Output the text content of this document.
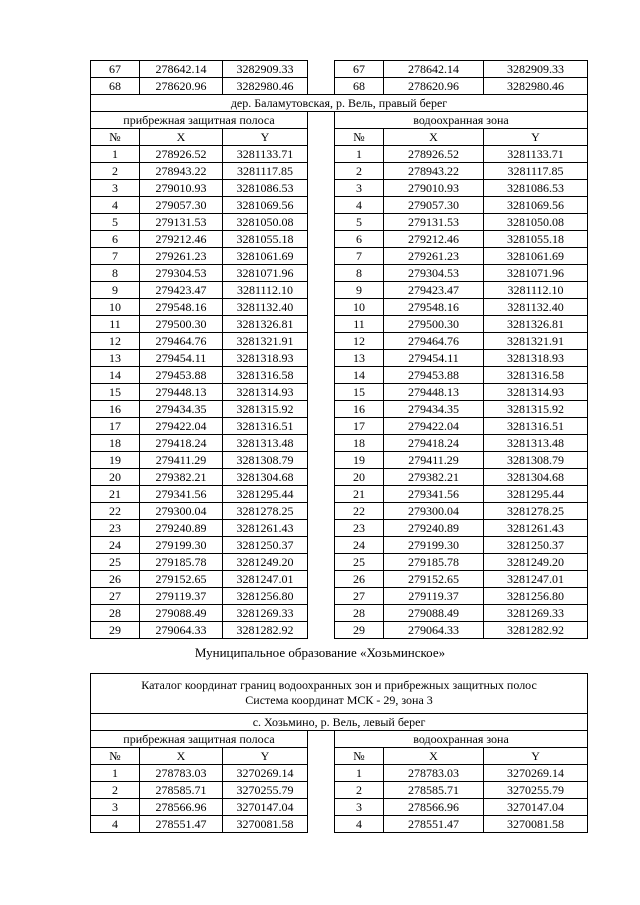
67	278642.14	3282909.33		67	278642.14	3282909.33
68	278620.96	3282980.46		68	278620.96	3282980.46
дер. Баламутовская, р. Вель, правый берег						
прибрежная защитная полоса				водоохранная зона		
№	X	Y		№	X	Y
1	278926.52	3281133.71		1	278926.52	3281133.71
2	278943.22	3281117.85		2	278943.22	3281117.85
3	279010.93	3281086.53		3	279010.93	3281086.53
4	279057.30	3281069.56		4	279057.30	3281069.56
5	279131.53	3281050.08		5	279131.53	3281050.08
6	279212.46	3281055.18		6	279212.46	3281055.18
7	279261.23	3281061.69		7	279261.23	3281061.69
8	279304.53	3281071.96		8	279304.53	3281071.96
9	279423.47	3281112.10		9	279423.47	3281112.10
10	279548.16	3281132.40		10	279548.16	3281132.40
11	279500.30	3281326.81		11	279500.30	3281326.81
12	279464.76	3281321.91		12	279464.76	3281321.91
13	279454.11	3281318.93		13	279454.11	3281318.93
14	279453.88	3281316.58		14	279453.88	3281316.58
15	279448.13	3281314.93		15	279448.13	3281314.93
16	279434.35	3281315.92		16	279434.35	3281315.92
17	279422.04	3281316.51		17	279422.04	3281316.51
18	279418.24	3281313.48		18	279418.24	3281313.48
19	279411.29	3281308.79		19	279411.29	3281308.79
20	279382.21	3281304.68		20	279382.21	3281304.68
21	279341.56	3281295.44		21	279341.56	3281295.44
22	279300.04	3281278.25		22	279300.04	3281278.25
23	279240.89	3281261.43		23	279240.89	3281261.43
24	279199.30	3281250.37		24	279199.30	3281250.37
25	279185.78	3281249.20		25	279185.78	3281249.20
26	279152.65	3281247.01		26	279152.65	3281247.01
27	279119.37	3281256.80		27	279119.37	3281256.80
28	279088.49	3281269.33		28	279088.49	3281269.33
29	279064.33	3281282.92		29	279064.33	3281282.92
Муниципальное образование «Хозьминское»
Каталог координат границ водоохранных зон и прибрежных защитных полос
Система координат МСК - 29, зона 3						

с. Хозьмино, р. Вель, левый берег						
прибрежная защитная полоса				водоохранная зона		
№	X	Y		№	X	Y
1	278783.03	3270269.14		1	278783.03	3270269.14
2	278585.71	3270255.79		2	278585.71	3270255.79
3	278566.96	3270147.04		3	278566.96	3270147.04
4	278551.47	3270081.58		4	278551.47	3270081.58
